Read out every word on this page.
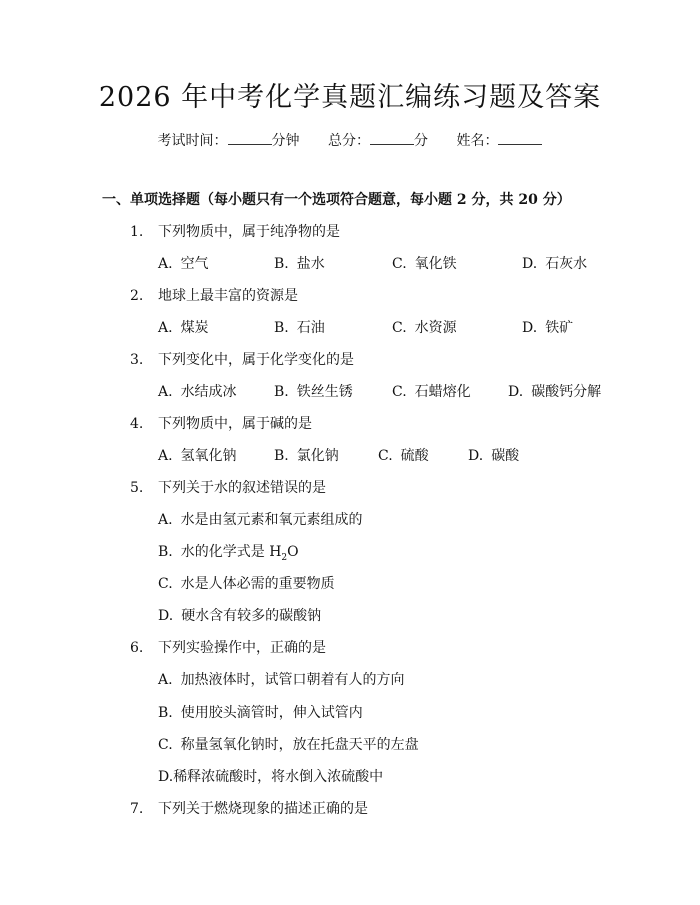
2026 年中考化学真题汇编练习题及答案
考试时间：	分钟 总分：	分 姓名：
一、单项选择题（每小题只有一个选项符合题意，每小题 2 分，共 20 分）
1. 下列物质中，属于纯净物的是
A. 空气	B. 盐水	C. 氧化铁	D. 石灰水
2. 地球上最丰富的资源是
A. 煤炭	B. 石油	C. 水资源	D. 铁矿
3. 下列变化中，属于化学变化的是
A. 水结成冰	B. 铁丝生锈	C. 石蜡熔化	D. 碳酸钙分解
4. 下列物质中，属于碱的是
A. 氢氧化钠	B. 氯化钠	C. 硫酸	D. 碳酸
5. 下列关于水的叙述错误的是
A. 水是由氢元素和氧元素组成的
B. 水的化学式是 $H_2O$
C. 水是人体必需的重要物质
D. 硬水含有较多的碳酸钠
6. 下列实验操作中，正确的是
A. 加热液体时，试管口朝着有人的方向
B. 使用胶头滴管时，伸入试管内
C. 称量氢氧化钠时，放在托盘天平的左盘
D.稀释浓硫酸时，将水倒入浓硫酸中
7. 下列关于燃烧现象的描述正确的是
